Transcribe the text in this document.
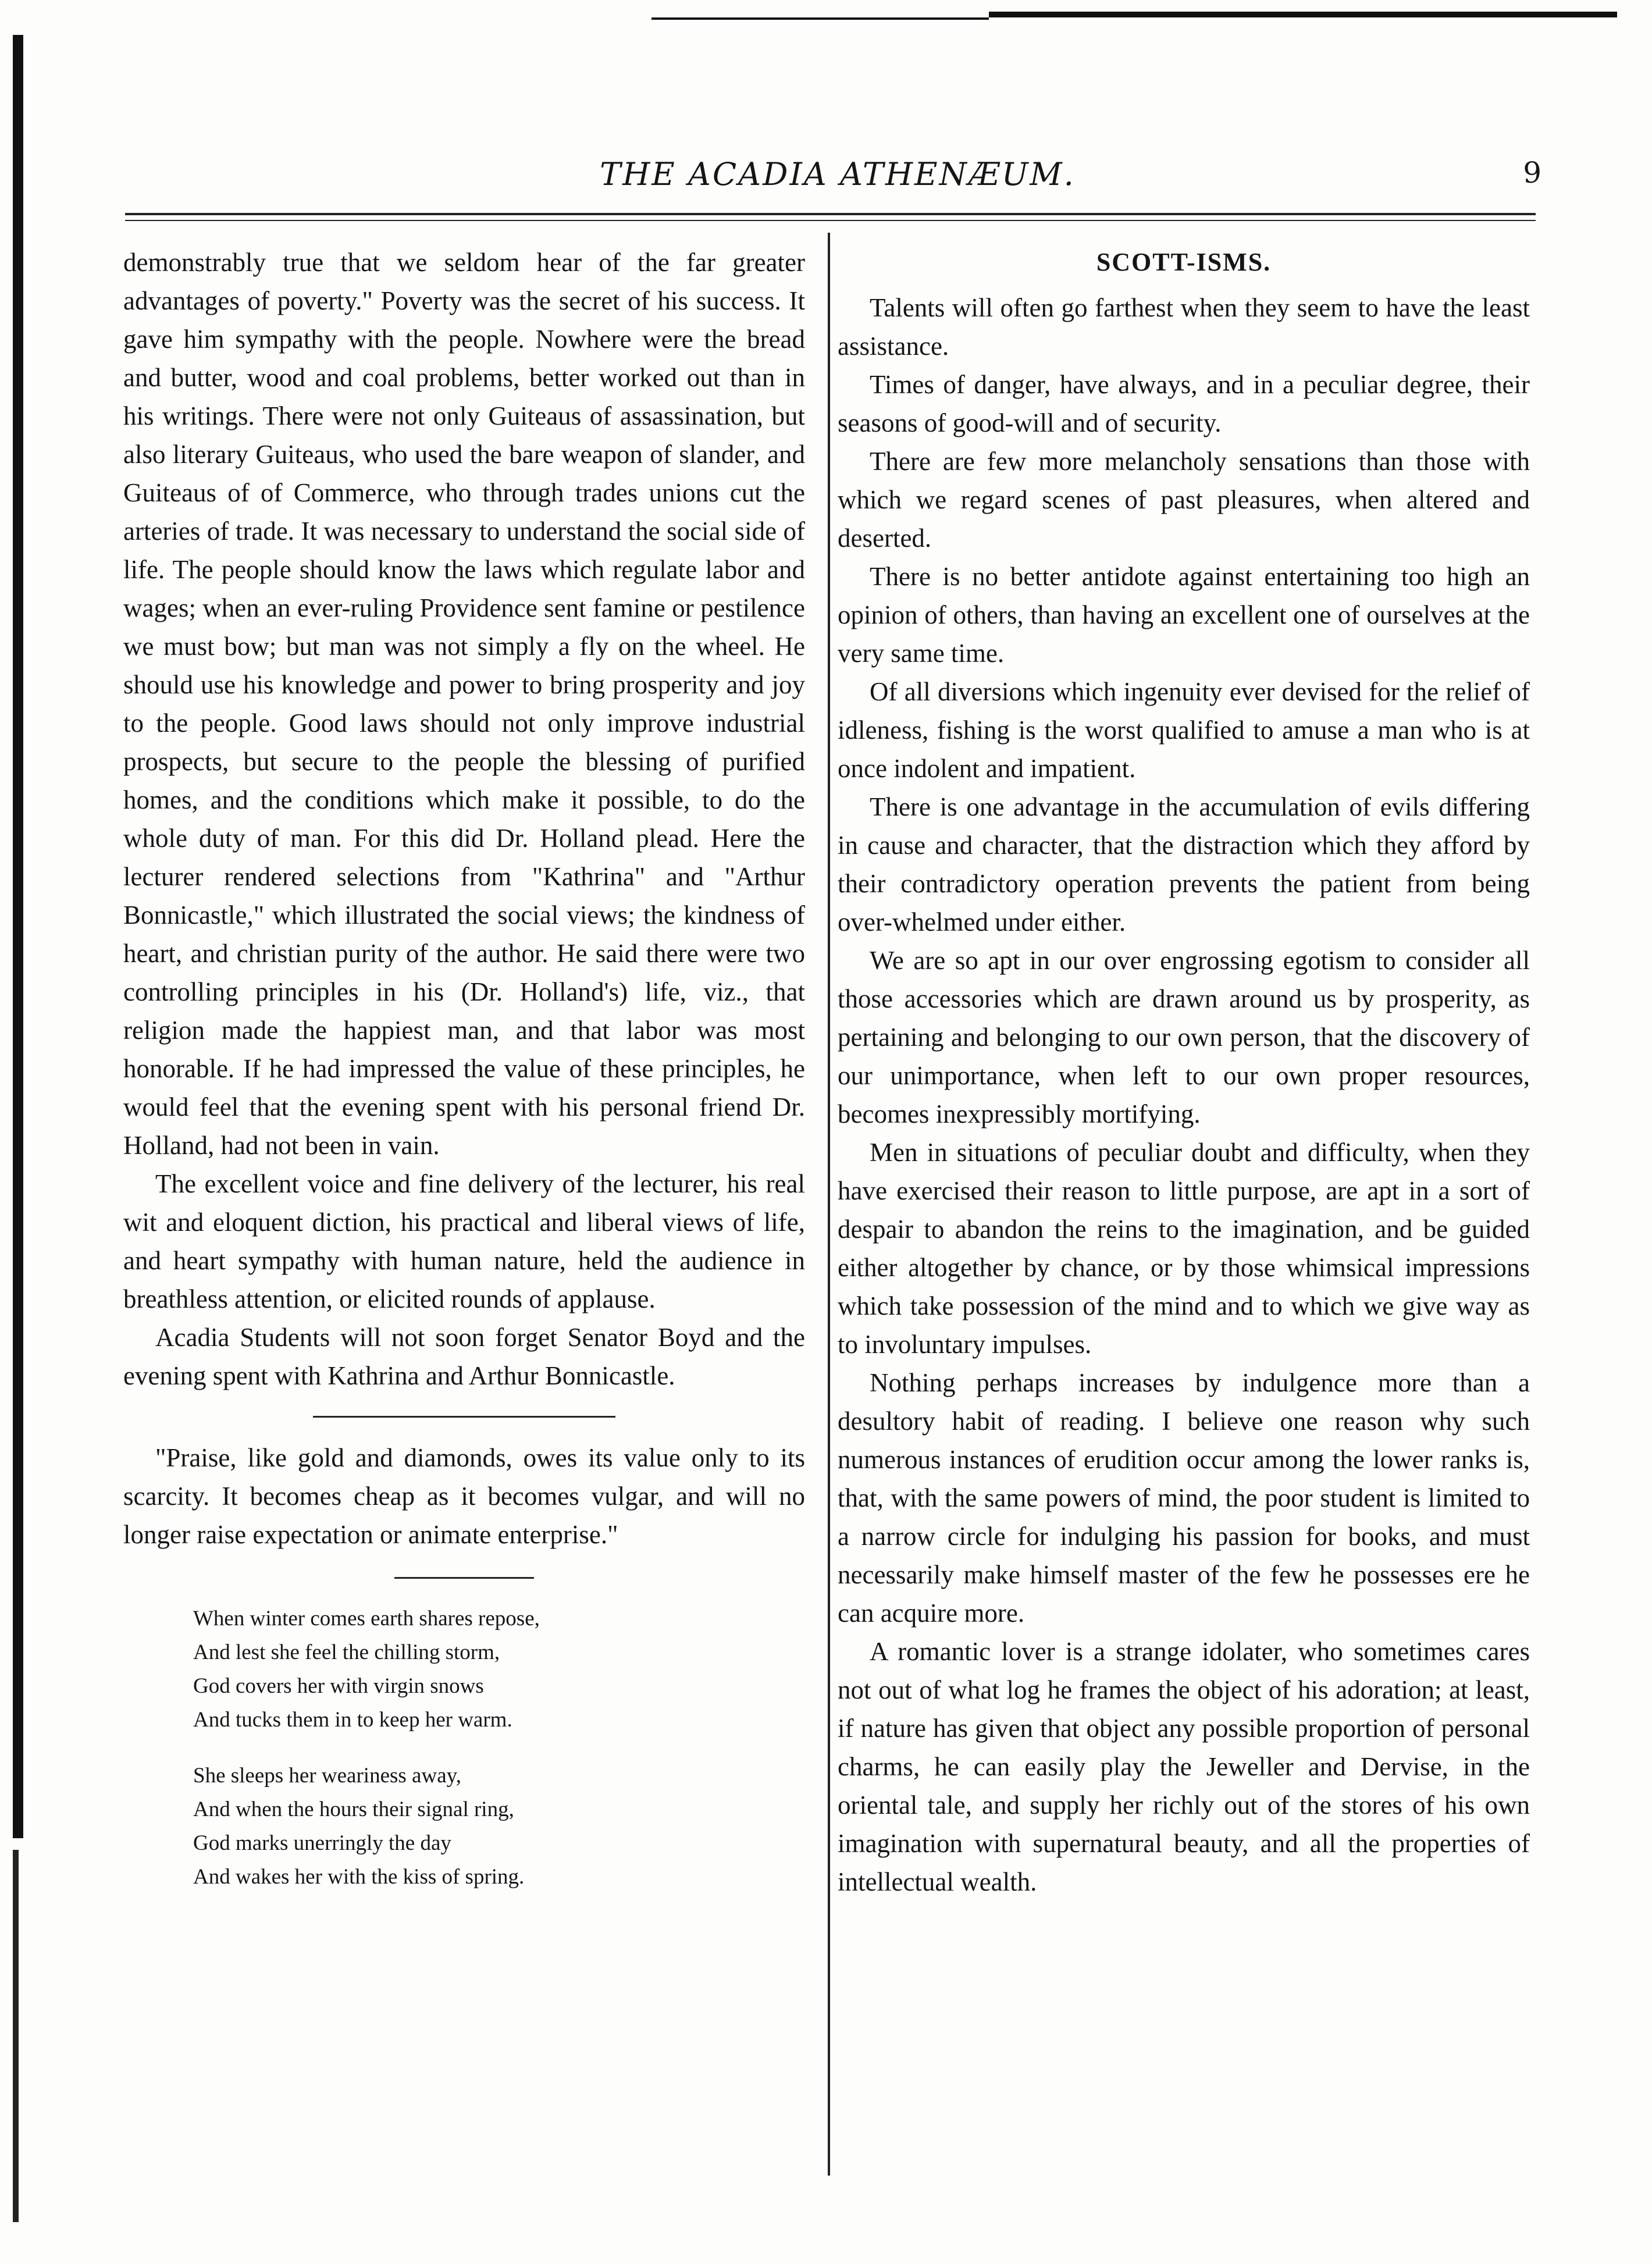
THE ACADIA ATHENÆUM.	9

demonstrably true that we seldom hear of the far greater advantages of poverty." Poverty was the secret of his success. It gave him sympathy with the people. Nowhere were the bread and butter, wood and coal problems, better worked out than in his writings. There were not only Guiteaus of assassination, but also literary Guiteaus, who used the bare weapon of slander, and Guiteaus of of Commerce, who through trades unions cut the arteries of trade. It was necessary to understand the social side of life. The people should know the laws which regulate labor and wages; when an ever-ruling Providence sent famine or pestilence we must bow; but man was not simply a fly on the wheel. He should use his knowledge and power to bring prosperity and joy to the people. Good laws should not only improve industrial prospects, but secure to the people the blessing of purified homes, and the conditions which make it possible, to do the whole duty of man. For this did Dr. Holland plead. Here the lecturer rendered selections from "Kathrina" and "Arthur Bonnicastle," which illustrated the social views; the kindness of heart, and christian purity of the author. He said there were two controlling principles in his (Dr. Holland's) life, viz., that religion made the happiest man, and that labor was most honorable. If he had impressed the value of these principles, he would feel that the evening spent with his personal friend Dr. Holland, had not been in vain.

The excellent voice and fine delivery of the lecturer, his real wit and eloquent diction, his practical and liberal views of life, and heart sympathy with human nature, held the audience in breathless attention, or elicited rounds of applause.

Acadia Students will not soon forget Senator Boyd and the evening spent with Kathrina and Arthur Bonnicastle.

"Praise, like gold and diamonds, owes its value only to its scarcity. It becomes cheap as it becomes vulgar, and will no longer raise expectation or animate enterprise."

When winter comes earth shares repose,
And lest she feel the chilling storm,
God covers her with virgin snows
And tucks them in to keep her warm.
She sleeps her weariness away,
And when the hours their signal ring,
God marks unerringly the day
And wakes her with the kiss of spring.

SCOTT-ISMS.

Talents will often go farthest when they seem to have the least assistance.

Times of danger, have always, and in a peculiar degree, their seasons of good-will and of security.

There are few more melancholy sensations than those with which we regard scenes of past pleasures, when altered and deserted.

There is no better antidote against entertaining too high an opinion of others, than having an excellent one of ourselves at the very same time.

Of all diversions which ingenuity ever devised for the relief of idleness, fishing is the worst qualified to amuse a man who is at once indolent and impatient.

There is one advantage in the accumulation of evils differing in cause and character, that the distraction which they afford by their contradictory operation prevents the patient from being over-whelmed under either.

We are so apt in our over engrossing egotism to consider all those accessories which are drawn around us by prosperity, as pertaining and belonging to our own person, that the discovery of our unimportance, when left to our own proper resources, becomes inexpressibly mortifying.

Men in situations of peculiar doubt and difficulty, when they have exercised their reason to little purpose, are apt in a sort of despair to abandon the reins to the imagination, and be guided either altogether by chance, or by those whimsical impressions which take possession of the mind and to which we give way as to involuntary impulses.

Nothing perhaps increases by indulgence more than a desultory habit of reading. I believe one reason why such numerous instances of erudition occur among the lower ranks is, that, with the same powers of mind, the poor student is limited to a narrow circle for indulging his passion for books, and must necessarily make himself master of the few he possesses ere he can acquire more.

A romantic lover is a strange idolater, who sometimes cares not out of what log he frames the object of his adoration; at least, if nature has given that object any possible proportion of personal charms, he can easily play the Jeweller and Dervise, in the oriental tale, and supply her richly out of the stores of his own imagination with supernatural beauty, and all the properties of intellectual wealth.
